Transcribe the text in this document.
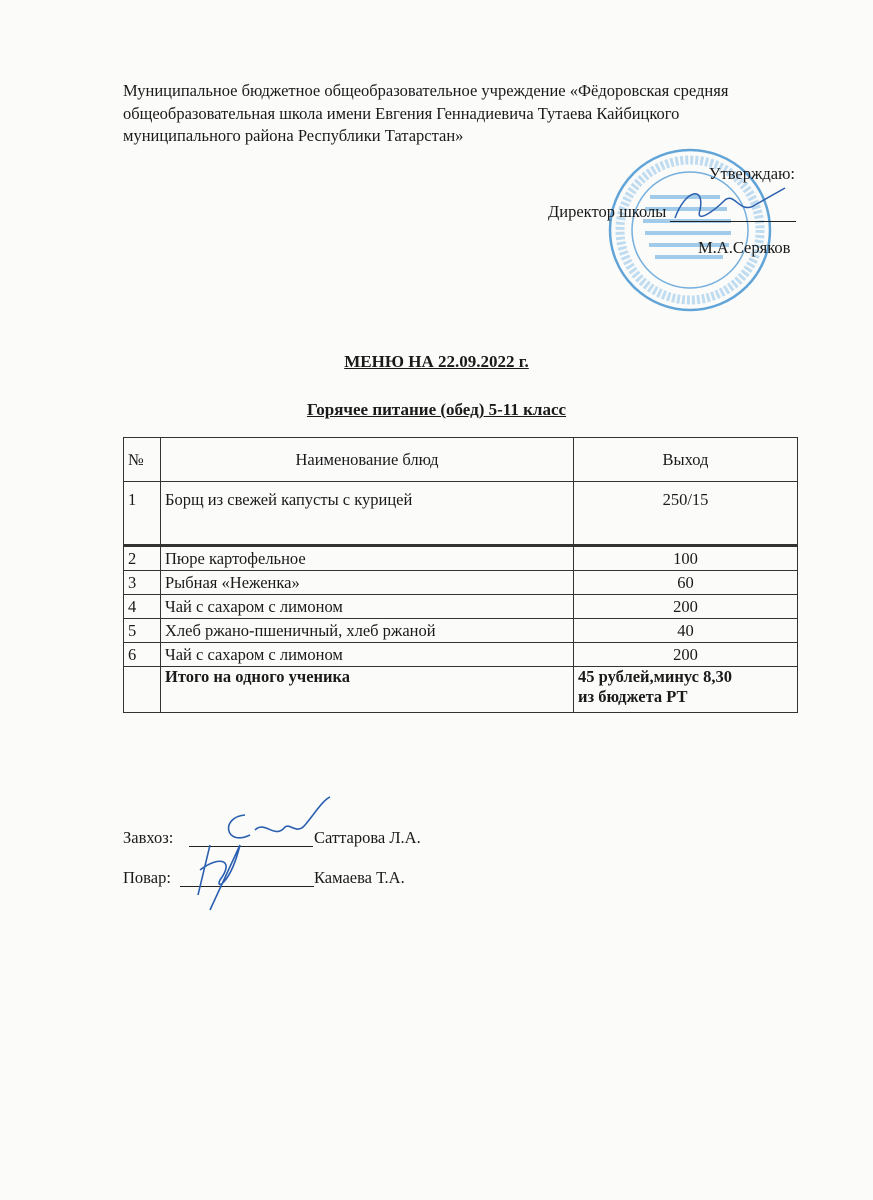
Муниципальное бюджетное общеобразовательное учреждение «Фёдоровская средняя общеобразовательная школа имени Евгения Геннадиевича Тутаева Кайбицкого муниципального района Республики Татарстан»
Утверждаю:
Директор школы
М.А.Серяков
МЕНЮ НА 22.09.2022 г.
Горячее питание (обед) 5-11 класс
№	Наименование блюд	Выход
1	Борщ из свежей капусты с курицей	250/15
2	Пюре картофельное	100
3	Рыбная «Неженка»	60
4	Чай с сахаром с лимоном	200
5	Хлеб ржано-пшеничный, хлеб ржаной	40
6	Чай с сахаром с лимоном	200
	Итого на одного ученика	45 рублей,минус 8,30
из бюджета РТ
Завхоз:	Саттарова Л.А.
Повар:	Камаева Т.А.
